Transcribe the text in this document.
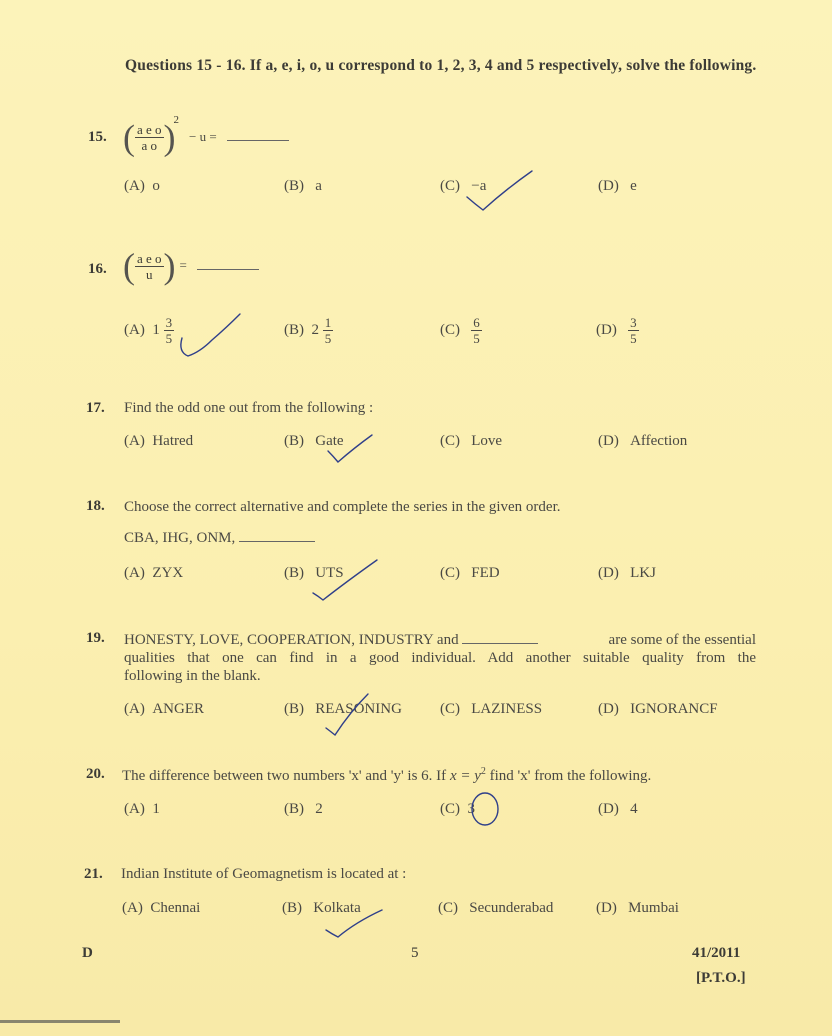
Questions 15 - 16. If a, e, i, o, u correspond to 1, 2, 3, 4 and 5 respectively, solve the following.
15. ( $\frac{\text{a e o}}{\text{a o}} )^2 - u$ =
(A) o	(B) a	(C) −a	(D) e
16. ( $\frac{\text{a e o}}{u}$ ) =
(A) $1 \frac{3}{5}$	(B) $2 \frac{1}{5}$	$(C) \frac{6}{5}$	$(D) \frac{3}{5}$
17. Find the odd one out from the following :
(A) Hatred	(B) Gate	(C) Love	(D) Affection
18. Choose the correct alternative and complete the series in the given order.
CBA, IHG, ONM,
(A) ZYX	(B) UTS	(C) FED	(D) LKJ
19. HONESTY, LOVE, COOPERATION, INDUSTRY and	are some of the essential
qualities that one can find in a good individual. Add another suitable quality from the
following in the blank.
(A) ANGER	(B) REASONING	(C) LAZINESS	(D) IGNORANCF
20. The difference between two numbers 'x' and 'y' is 6. If $x = y^2$ find 'x' from the following.
(A) 1	(B) 2	(C) 3	(D) 4
21. Indian Institute of Geomagnetism is located at :
(A) Chennai	(B) Kolkata	(C) Secunderabad	(D) Mumbai
D	5	41/2011
[P.T.O.]
